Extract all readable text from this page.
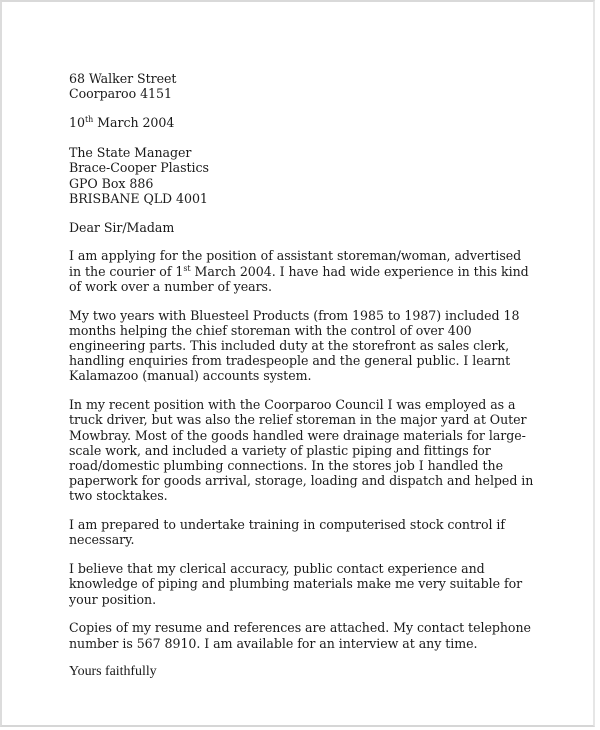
68 Walker Street
Coorparoo 4151
10th March 2004
The State Manager
Brace-Cooper Plastics
GPO Box 886
BRISBANE QLD 4001
Dear Sir/Madam
I am applying for the position of assistant storeman/woman, advertised
in the courier of 1st March 2004. I have had wide experience in this kind
of work over a number of years.
My two years with Bluesteel Products (from 1985 to 1987) included 18
months helping the chief storeman with the control of over 400
engineering parts. This included duty at the storefront as sales clerk,
handling enquiries from tradespeople and the general public. I learnt
Kalamazoo (manual) accounts system.
In my recent position with the Coorparoo Council I was employed as a
truck driver, but was also the relief storeman in the major yard at Outer
Mowbray. Most of the goods handled were drainage materials for large-
scale work, and included a variety of plastic piping and fittings for
road/domestic plumbing connections. In the stores job I handled the
paperwork for goods arrival, storage, loading and dispatch and helped in
two stocktakes.
I am prepared to undertake training in computerised stock control if
necessary.
I believe that my clerical accuracy, public contact experience and
knowledge of piping and plumbing materials make me very suitable for
your position.
Copies of my resume and references are attached. My contact telephone
number is 567 8910. I am available for an interview at any time.
Yours faithfully
